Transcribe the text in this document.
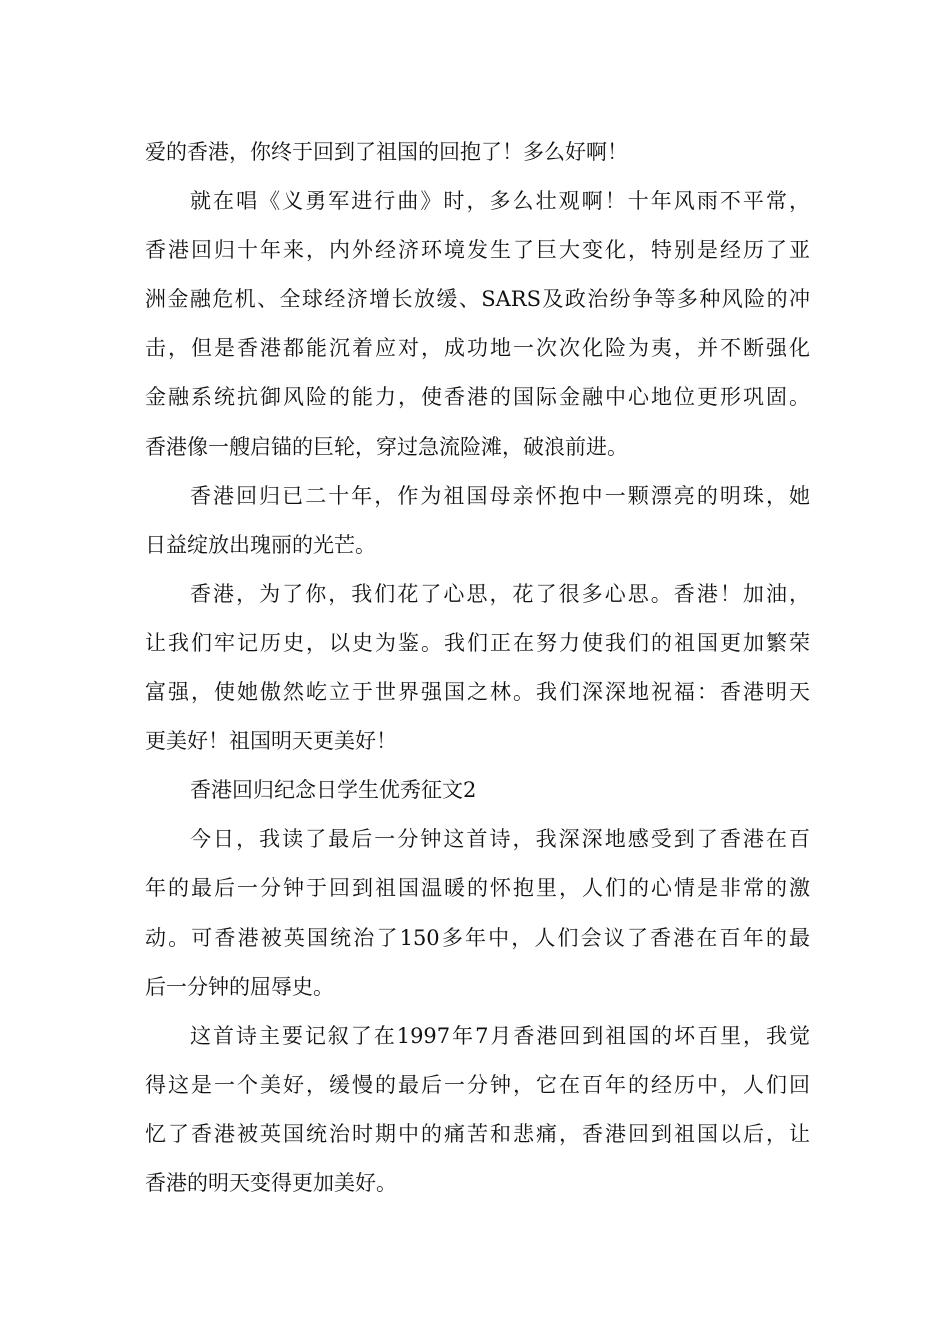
爱的香港，你终于回到了祖国的回抱了！多么好啊！
就在唱《义勇军进行曲》时，多么壮观啊！十年风雨不平常，
香港回归十年来，内外经济环境发生了巨大变化，特别是经历了亚
洲金融危机、全球经济增长放缓、SARS及政治纷争等多种风险的冲
击，但是香港都能沉着应对，成功地一次次化险为夷，并不断强化
金融系统抗御风险的能力，使香港的国际金融中心地位更形巩固。
香港像一艘启锚的巨轮，穿过急流险滩，破浪前进。
香港回归已二十年，作为祖国母亲怀抱中一颗漂亮的明珠，她
日益绽放出瑰丽的光芒。
香港，为了你，我们花了心思，花了很多心思。香港！加油，
让我们牢记历史，以史为鉴。我们正在努力使我们的祖国更加繁荣
富强，使她傲然屹立于世界强国之林。我们深深地祝福：香港明天
更美好！祖国明天更美好！
香港回归纪念日学生优秀征文2
今日，我读了最后一分钟这首诗，我深深地感受到了香港在百
年的最后一分钟于回到祖国温暖的怀抱里，人们的心情是非常的激
动。可香港被英国统治了150多年中，人们会议了香港在百年的最
后一分钟的屈辱史。
这首诗主要记叙了在1997年7月香港回到祖国的坏百里，我觉
得这是一个美好，缓慢的最后一分钟，它在百年的经历中，人们回
忆了香港被英国统治时期中的痛苦和悲痛，香港回到祖国以后，让
香港的明天变得更加美好。
